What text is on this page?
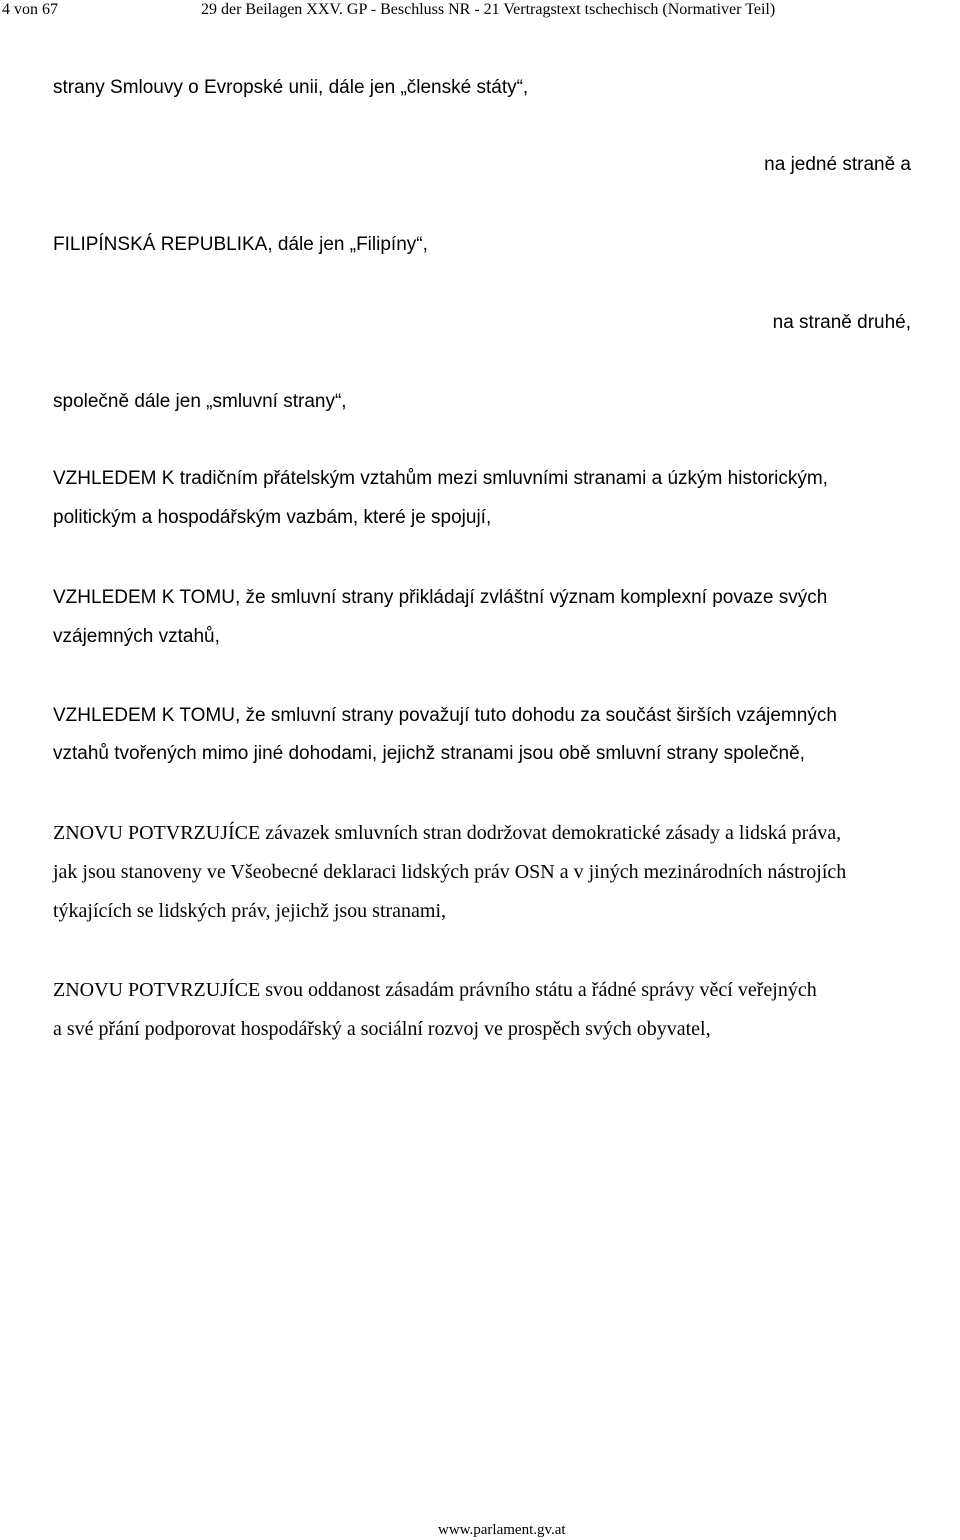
4 von 67	29 der Beilagen XXV. GP - Beschluss NR - 21 Vertragstext tschechisch (Normativer Teil)
strany Smlouvy o Evropské unii, dále jen „členské státy“,
na jedné straně a
FILIPÍNSKÁ REPUBLIKA, dále jen „Filipíny“,
na straně druhé,
společně dále jen „smluvní strany“,
VZHLEDEM K tradičním přátelským vztahům mezi smluvními stranami a úzkým historickým,
politickým a hospodářským vazbám, které je spojují,
VZHLEDEM K TOMU, že smluvní strany přikládají zvláštní význam komplexní povaze svých
vzájemných vztahů,
VZHLEDEM K TOMU, že smluvní strany považují tuto dohodu za součást širších vzájemných
vztahů tvořených mimo jiné dohodami, jejichž stranami jsou obě smluvní strany společně,
ZNOVU POTVRZUJÍCE závazek smluvních stran dodržovat demokratické zásady a lidská práva,
jak jsou stanoveny ve Všeobecné deklaraci lidských práv OSN a v jiných mezinárodních nástrojích
týkajících se lidských práv, jejichž jsou stranami,
ZNOVU POTVRZUJÍCE svou oddanost zásadám právního státu a řádné správy věcí veřejných
a své přání podporovat hospodářský a sociální rozvoj ve prospěch svých obyvatel,
www.parlament.gv.at
